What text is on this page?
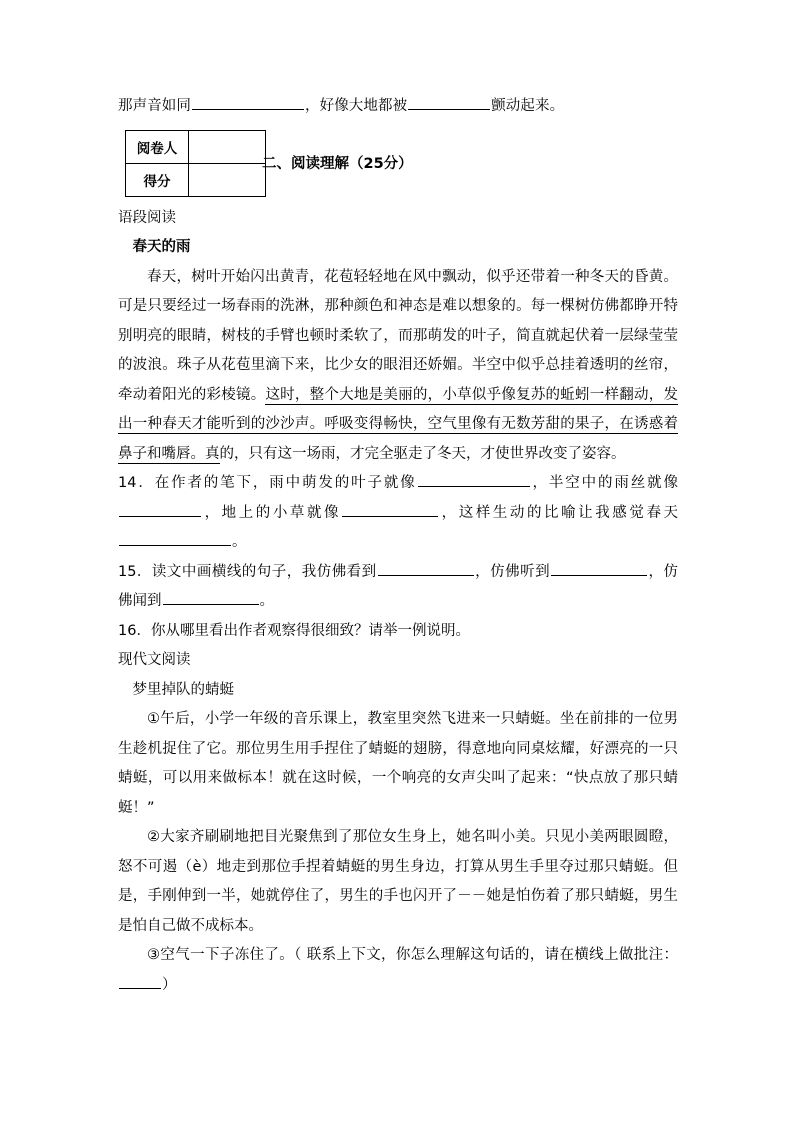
那声音如同	，好像大地都被	颤动起来。
语段阅读
春天的雨
春天，树叶开始闪出黄青，花苞轻轻地在风中飘动，似乎还带着一种冬天的昏黄。可是只要经过一场春雨的洗淋，那种颜色和神态是难以想象的。每一棵树仿佛都睁开特别明亮的眼睛，树枝的手臂也顿时柔软了，而那萌发的叶子，简直就起伏着一层绿莹莹的波浪。珠子从花苞里滴下来，比少女的眼泪还娇媚。半空中似乎总挂着透明的丝帘，牵动着阳光的彩棱镜。这时，整个大地是美丽的，小草似乎像复苏的蚯蚓一样翻动，发出一种春天才能听到的沙沙声。呼吸变得畅快，空气里像有无数芳甜的果子，在诱惑着鼻子和嘴唇。真的，只有这一场雨，才完全驱走了冬天，才使世界改变了姿容。
14．在作者的笔下，雨中萌发的叶子就像	，半空中的雨丝就像，地上的小草就像	，这样生动的比喻让我感觉春天。
15．读文中画横线的句子，我仿佛看到	，仿佛听到	，仿佛闻到	。
16．你从哪里看出作者观察得很细致？请举一例说明。
现代文阅读
梦里掉队的蜻蜓
①午后，小学一年级的音乐课上，教室里突然飞进来一只蜻蜓。坐在前排的一位男生趁机捉住了它。那位男生用手捏住了蜻蜓的翅膀，得意地向同桌炫耀，好漂亮的一只蜻蜓，可以用来做标本！就在这时候，一个响亮的女声尖叫了起来：“快点放了那只蜻蜓！”
②大家齐刷刷地把目光聚焦到了那位女生身上，她名叫小美。只见小美两眼圆瞪，怒不可遏（è）地走到那位手捏着蜻蜓的男生身边，打算从男生手里夺过那只蜻蜓。但是，手刚伸到一半，她就停住了，男生的手也闪开了－－她是怕伤着了那只蜻蜓，男生是怕自己做不成标本。
③空气一下子冻住了。（ 联系上下文，你怎么理解这句话的，请在横线上做批注：）
阅卷人	
得分	
二、阅读理解（25分）
